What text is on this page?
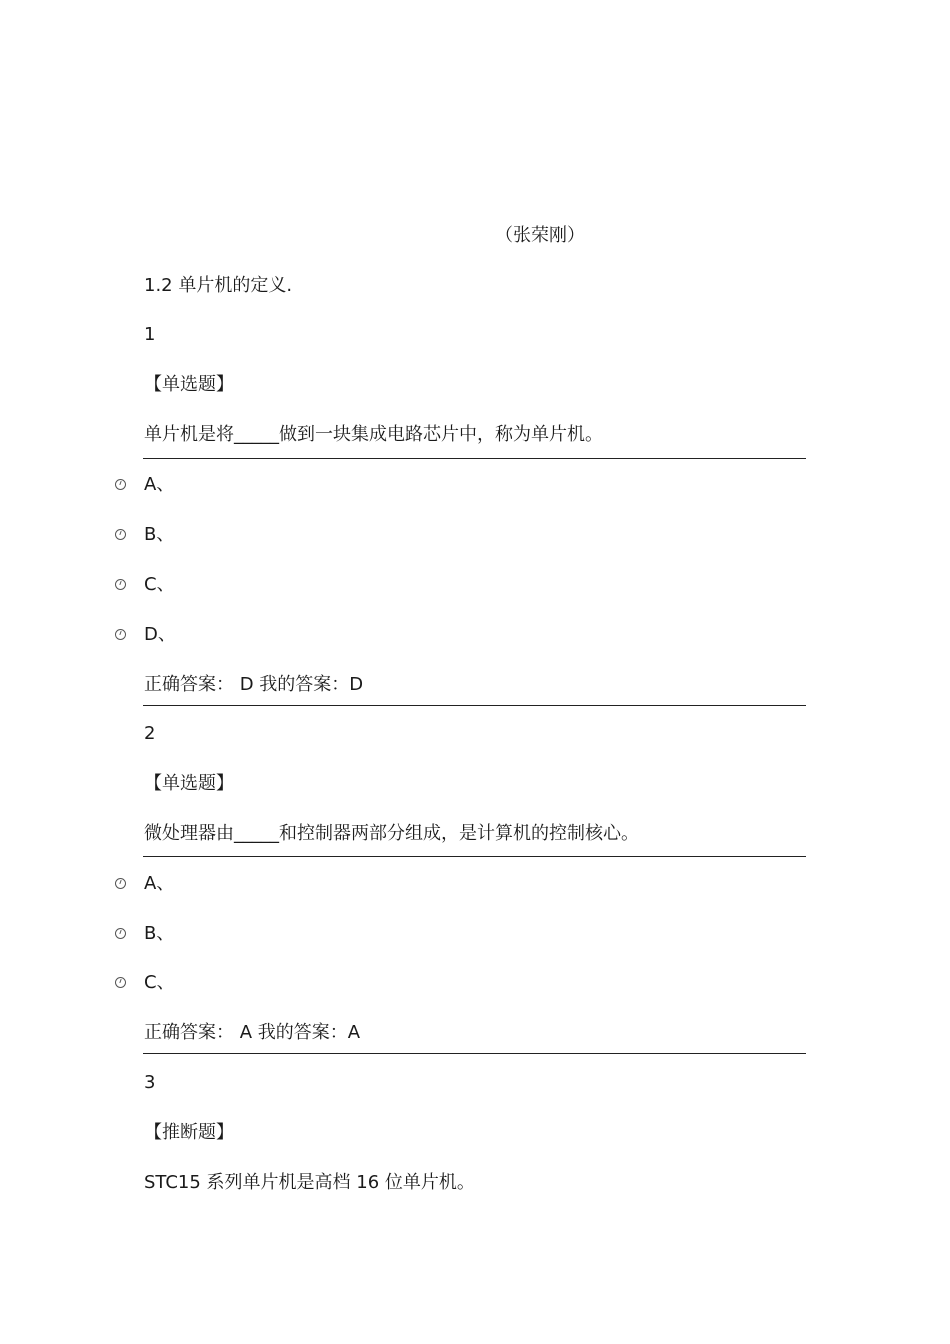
（张荣刚）
1.2 单片机的定义.
1
【单选题】
单片机是将_____做到一块集成电路芯片中，称为单片机。
A、
B、
C、
D、
正确答案： D 我的答案：D
2
【单选题】
微处理器由_____和控制器两部分组成，是计算机的控制核心。
A、
B、
C、
正确答案： A 我的答案：A
3
【推断题】
STC15 系列单片机是高档 16 位单片机。
